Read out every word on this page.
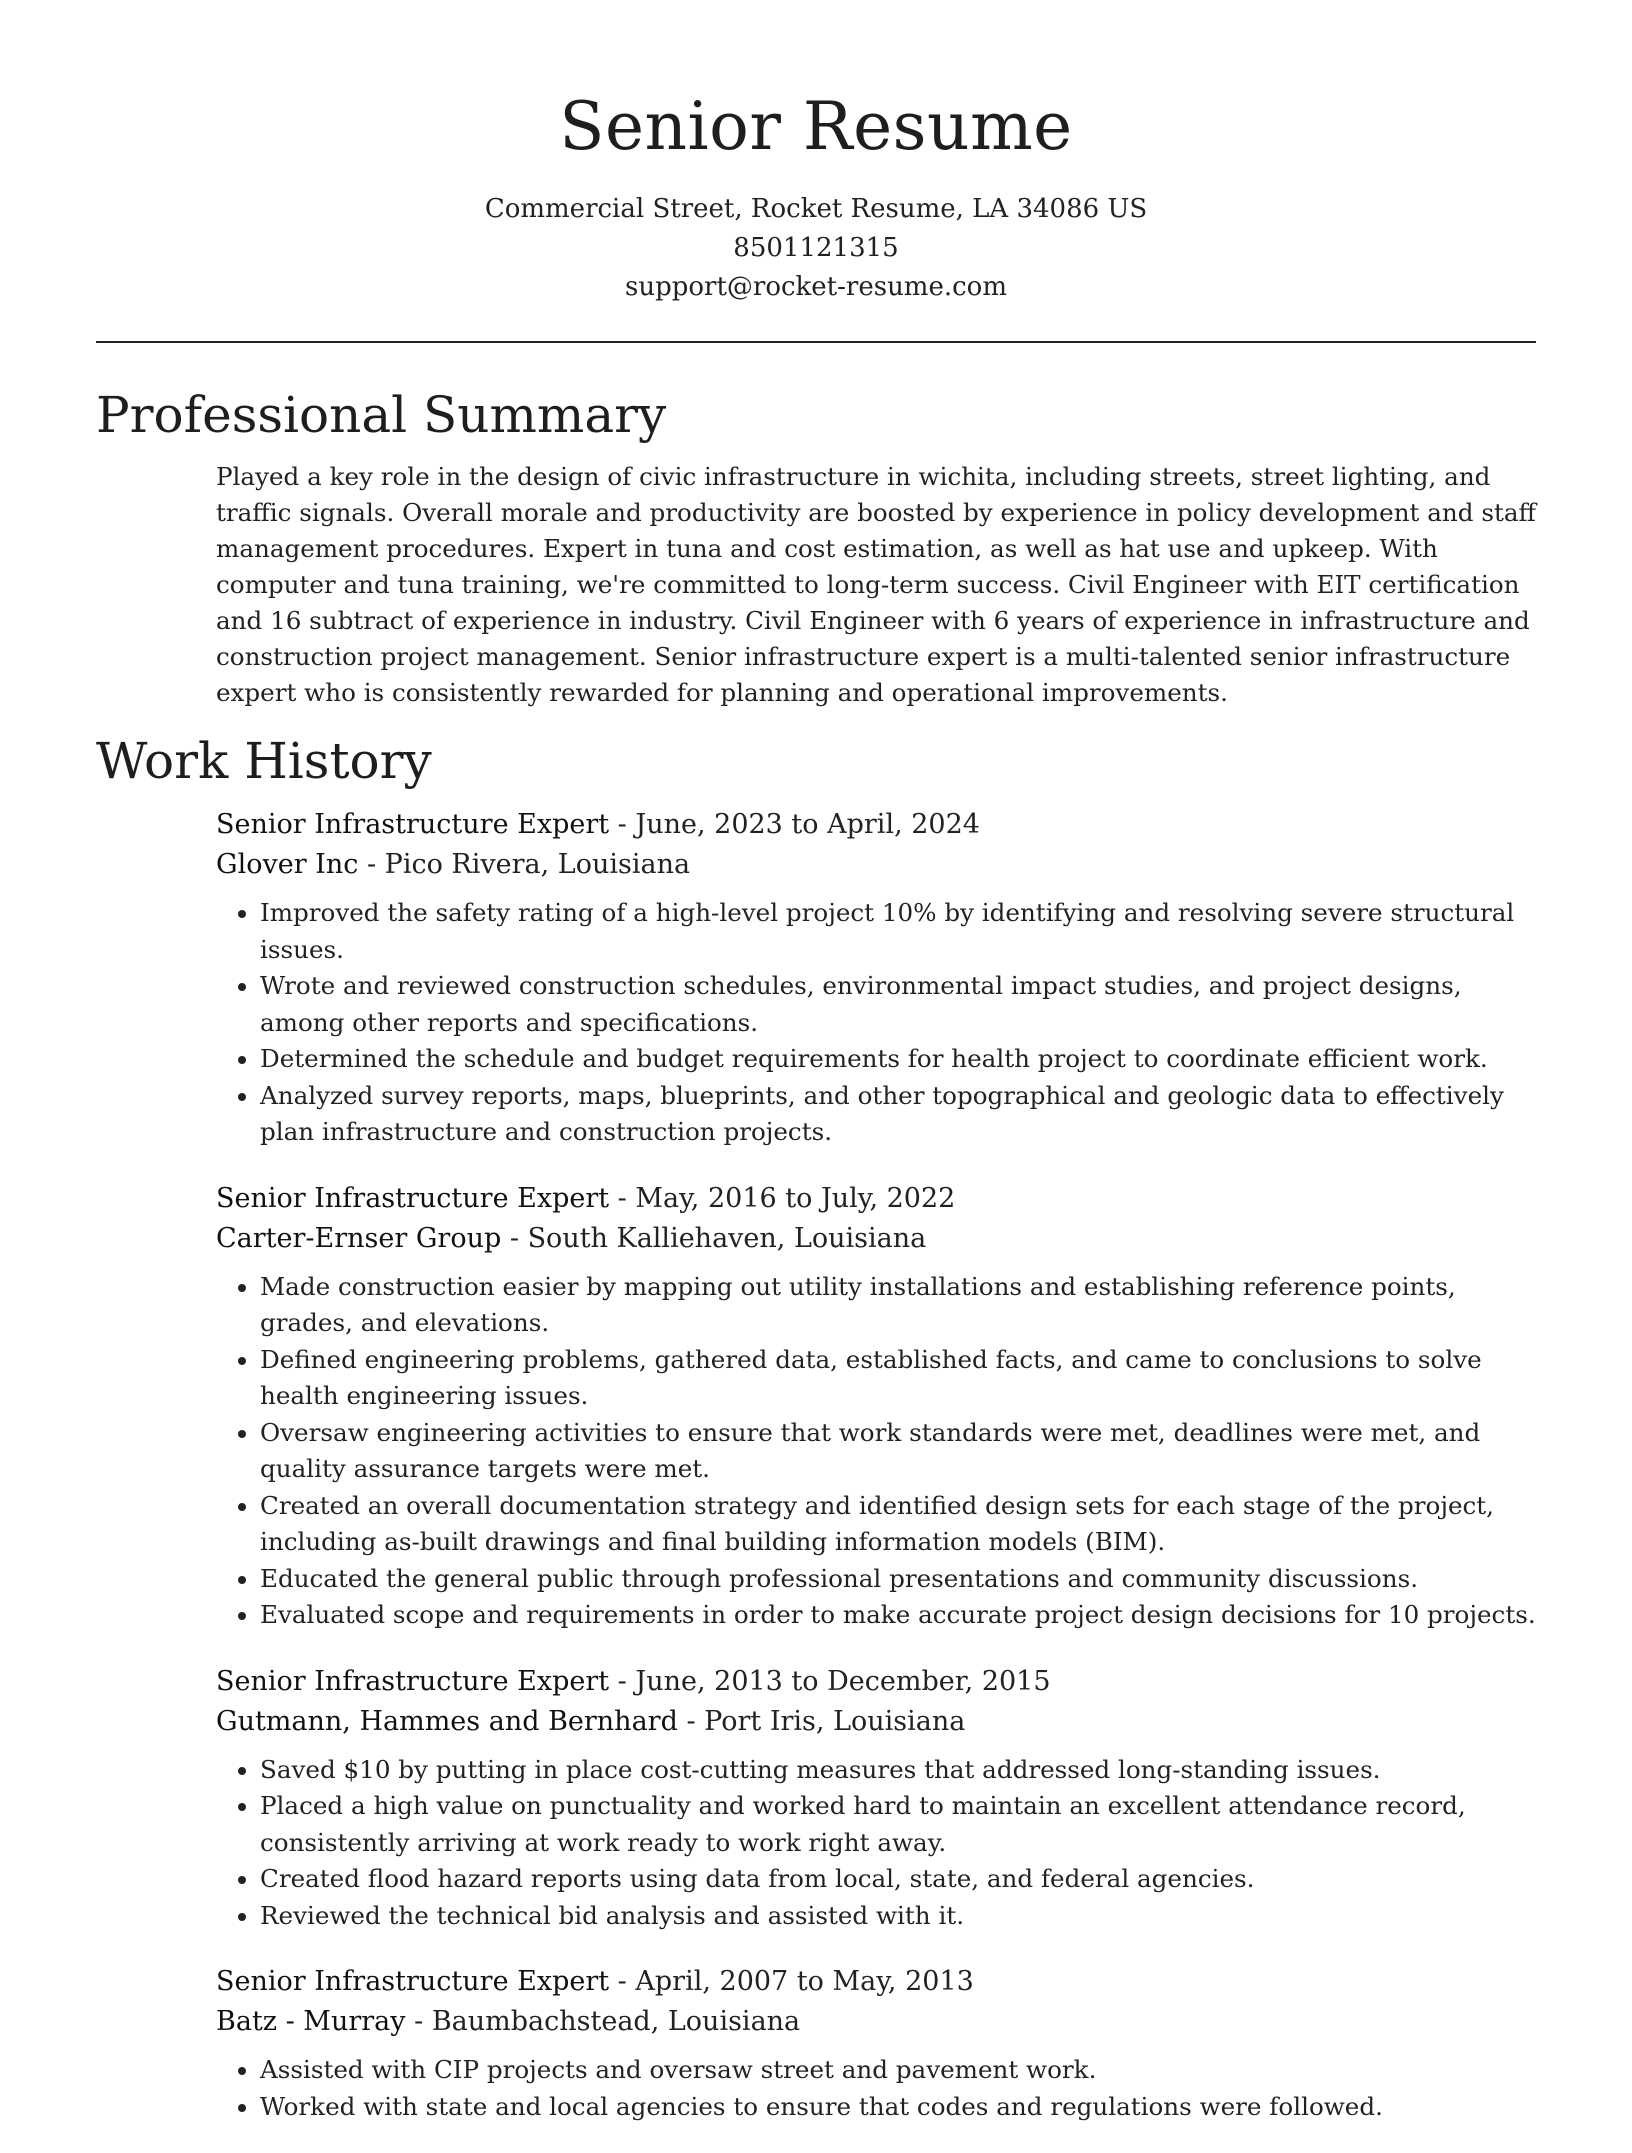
Senior Resume
Commercial Street, Rocket Resume, LA 34086 US
8501121315
support@rocket-resume.com
Professional Summary

Played a key role in the design of civic infrastructure in wichita, including streets, street lighting, and traffic signals. Overall morale and productivity are boosted by experience in policy development and staff management procedures. Expert in tuna and cost estimation, as well as hat use and upkeep. With computer and tuna training, we're committed to long-term success. Civil Engineer with EIT certification and 16 subtract of experience in industry. Civil Engineer with 6 years of experience in infrastructure and construction project management. Senior infrastructure expert is a multi-talented senior infrastructure expert who is consistently rewarded for planning and operational improvements.

Work History
Senior Infrastructure Expert - June, 2023 to April, 2024
Glover Inc - Pico Rivera, Louisiana
• Improved the safety rating of a high-level project 10% by identifying and resolving severe structural issues.
• Wrote and reviewed construction schedules, environmental impact studies, and project designs, among other reports and specifications.
• Determined the schedule and budget requirements for health project to coordinate efficient work.
• Analyzed survey reports, maps, blueprints, and other topographical and geologic data to effectively plan infrastructure and construction projects.
Senior Infrastructure Expert - May, 2016 to July, 2022
Carter-Ernser Group - South Kalliehaven, Louisiana
• Made construction easier by mapping out utility installations and establishing reference points, grades, and elevations.
• Defined engineering problems, gathered data, established facts, and came to conclusions to solve health engineering issues.
• Oversaw engineering activities to ensure that work standards were met, deadlines were met, and quality assurance targets were met.
• Created an overall documentation strategy and identified design sets for each stage of the project, including as-built drawings and final building information models (BIM).
• Educated the general public through professional presentations and community discussions.
• Evaluated scope and requirements in order to make accurate project design decisions for 10 projects.
Senior Infrastructure Expert - June, 2013 to December, 2015
Gutmann, Hammes and Bernhard - Port Iris, Louisiana
• Saved $10 by putting in place cost-cutting measures that addressed long-standing issues.
• Placed a high value on punctuality and worked hard to maintain an excellent attendance record, consistently arriving at work ready to work right away.
• Created flood hazard reports using data from local, state, and federal agencies.
• Reviewed the technical bid analysis and assisted with it.
Senior Infrastructure Expert - April, 2007 to May, 2013
Batz - Murray - Baumbachstead, Louisiana
• Assisted with CIP projects and oversaw street and pavement work.
• Worked with state and local agencies to ensure that codes and regulations were followed.
